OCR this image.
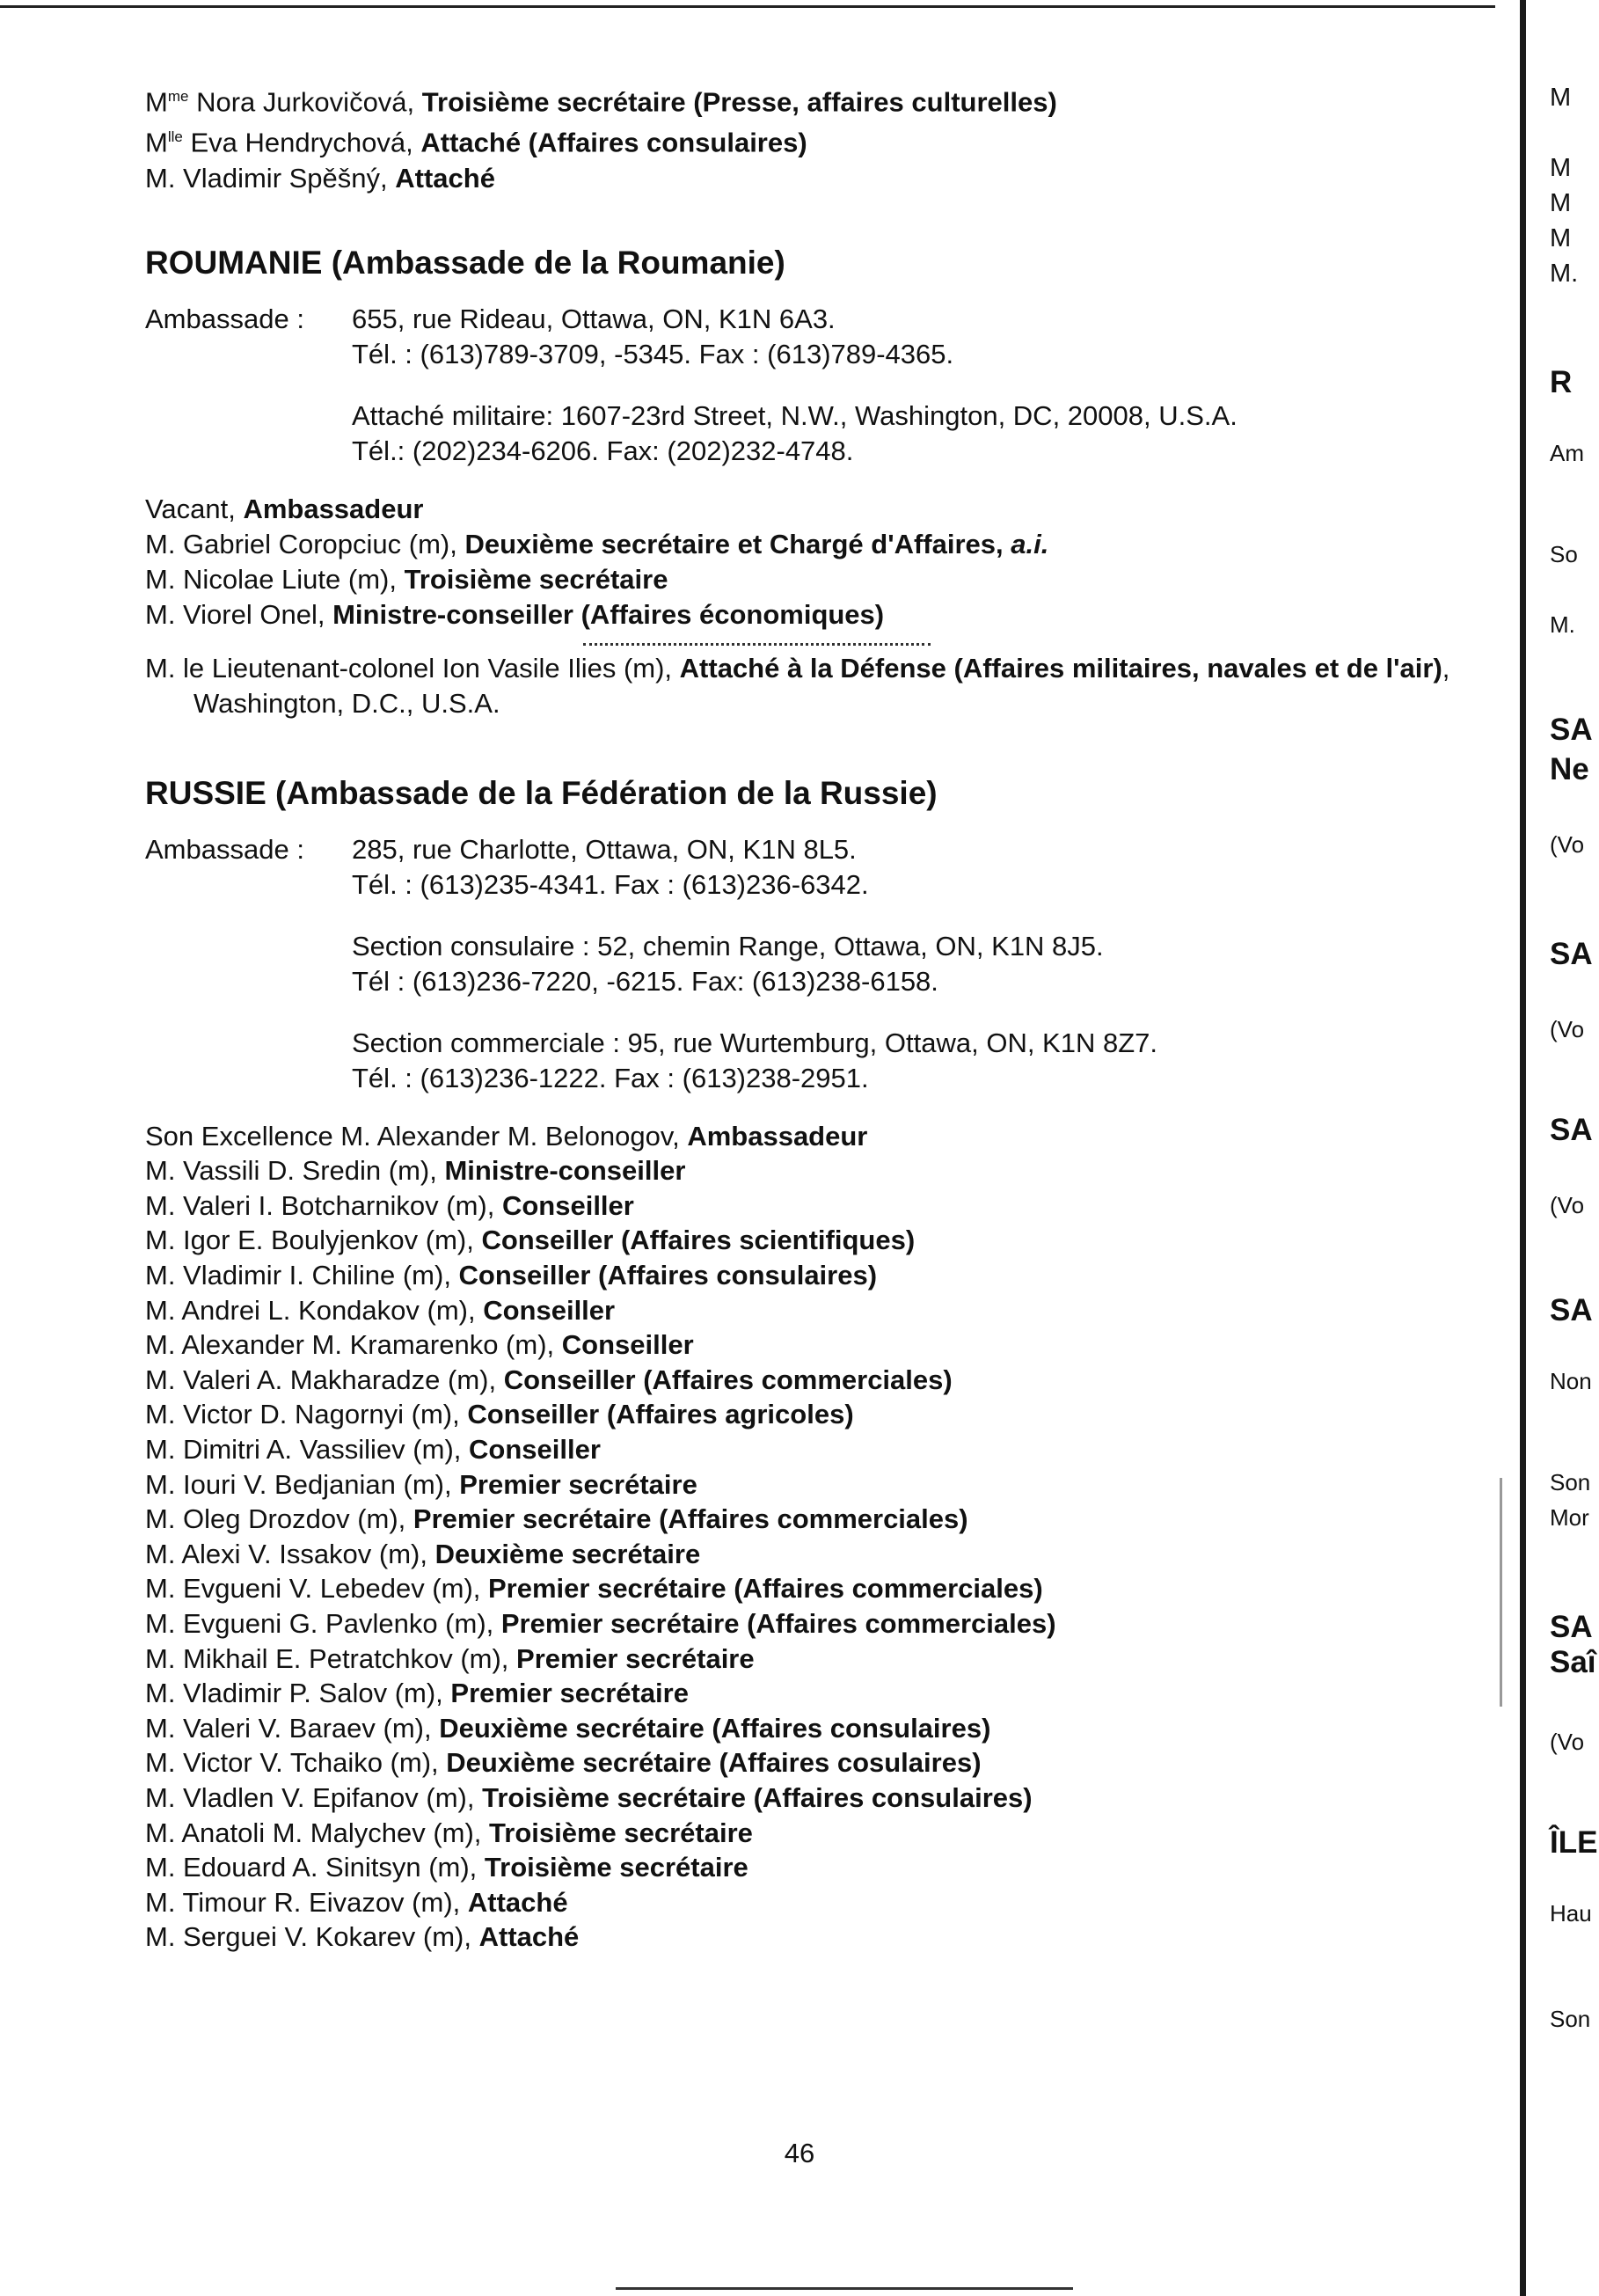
$M^{me}$ Nora Jurkovičová, Troisième secrétaire (Presse, affaires culturelles)
$M^{lle}$ Eva Hendrychová, Attaché (Affaires consulaires)
M. Vladimir Spěšný, Attaché
ROUMANIE (Ambassade de la Roumanie)
Ambassade :	655, rue Rideau, Ottawa, ON, K1N 6A3.
Tél. : (613)789-3709, -5345. Fax : (613)789-4365.
Attaché militaire: 1607-23rd Street, N.W., Washington, DC, 20008, U.S.A.
Tél.: (202)234-6206. Fax: (202)232-4748.
Vacant, Ambassadeur
M. Gabriel Coropciuc (m), Deuxième secrétaire et Chargé d'Affaires, a.i.
M. Nicolae Liute (m), Troisième secrétaire
M. Viorel Onel, Ministre-conseiller (Affaires économiques)
M. le Lieutenant-colonel Ion Vasile Ilies (m), Attaché à la Défense (Affaires militaires, navales et de l'air), Washington, D.C., U.S.A.
RUSSIE (Ambassade de la Fédération de la Russie)
Ambassade :	285, rue Charlotte, Ottawa, ON, K1N 8L5.
Tél. : (613)235-4341. Fax : (613)236-6342.
Section consulaire : 52, chemin Range, Ottawa, ON, K1N 8J5.
Tél : (613)236-7220, -6215. Fax: (613)238-6158.
Section commerciale : 95, rue Wurtemburg, Ottawa, ON, K1N 8Z7.
Tél. : (613)236-1222. Fax : (613)238-2951.
Son Excellence M. Alexander M. Belonogov, Ambassadeur
M. Vassili D. Sredin (m), Ministre-conseiller
M. Valeri I. Botcharnikov (m), Conseiller
M. Igor E. Boulyjenkov (m), Conseiller (Affaires scientifiques)
M. Vladimir I. Chiline (m), Conseiller (Affaires consulaires)
M. Andrei L. Kondakov (m), Conseiller
M. Alexander M. Kramarenko (m), Conseiller
M. Valeri A. Makharadze (m), Conseiller (Affaires commerciales)
M. Victor D. Nagornyi (m), Conseiller (Affaires agricoles)
M. Dimitri A. Vassiliev (m), Conseiller
M. Iouri V. Bedjanian (m), Premier secrétaire
M. Oleg Drozdov (m), Premier secrétaire (Affaires commerciales)
M. Alexi V. Issakov (m), Deuxième secrétaire
M. Evgueni V. Lebedev (m), Premier secrétaire (Affaires commerciales)
M. Evgueni G. Pavlenko (m), Premier secrétaire (Affaires commerciales)
M. Mikhail E. Petratchkov (m), Premier secrétaire
M. Vladimir P. Salov (m), Premier secrétaire
M. Valeri V. Baraev (m), Deuxième secrétaire (Affaires consulaires)
M. Victor V. Tchaiko (m), Deuxième secrétaire (Affaires cosulaires)
M. Vladlen V. Epifanov (m), Troisième secrétaire (Affaires consulaires)
M. Anatoli M. Malychev (m), Troisième secrétaire
M. Edouard A. Sinitsyn (m), Troisième secrétaire
M. Timour R. Eivazov (m), Attaché
M. Serguei V. Kokarev (m), Attaché
46
M
M
M
M
M.
R
Am
So
M.
SA
Ne
(Vo
SA
(Vo
SA
(Vo
SA
Non
Son
Mor
SA
Saî
(Vo
ÎLE
Hau
Son
